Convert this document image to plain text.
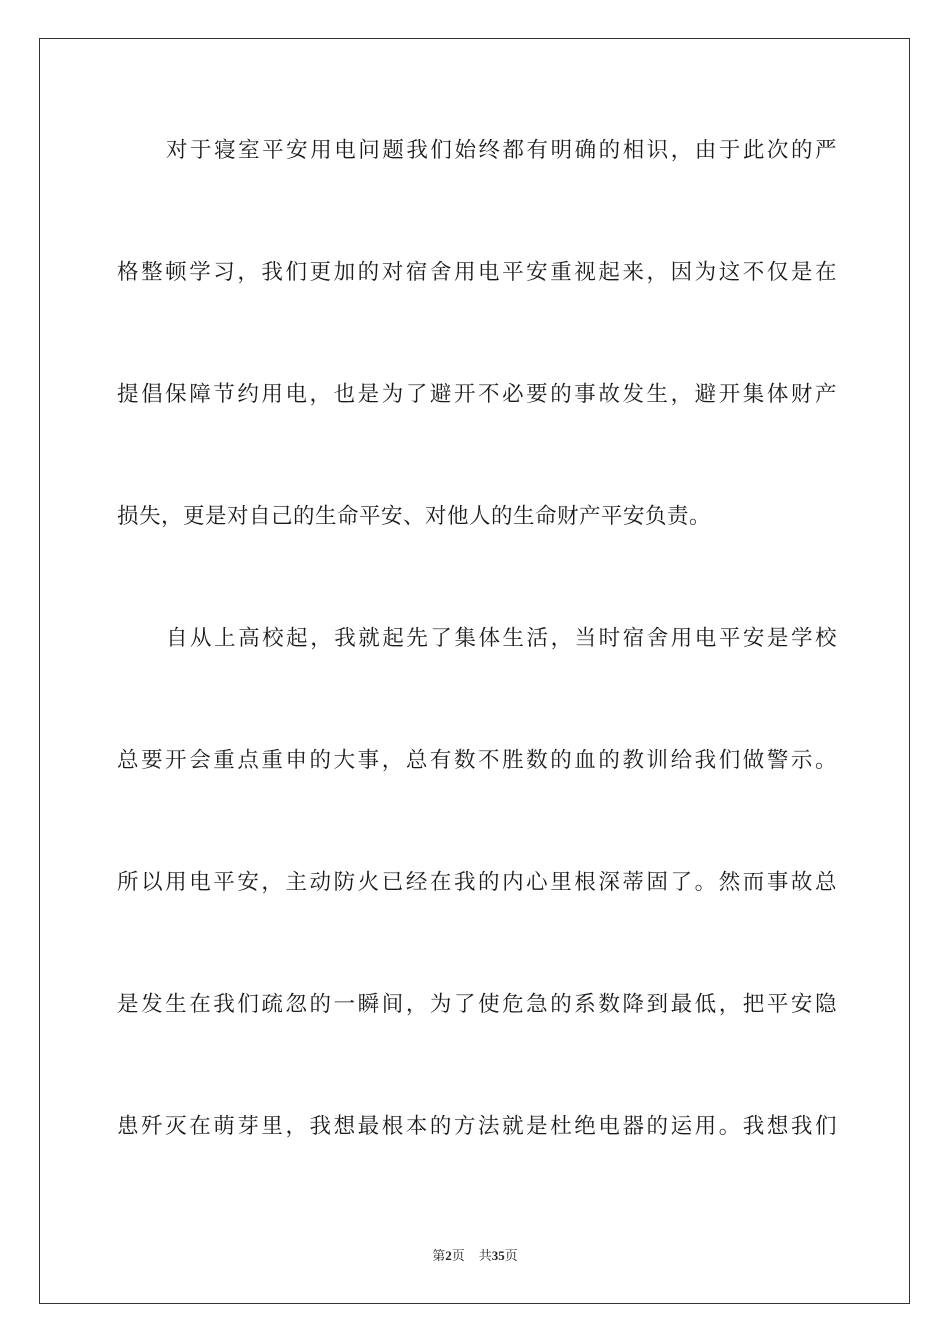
对于寝室平安用电问题我们始终都有明确的相识，由于此次的严
格整顿学习，我们更加的对宿舍用电平安重视起来，因为这不仅是在
提倡保障节约用电，也是为了避开不必要的事故发生，避开集体财产
损失，更是对自己的生命平安、对他人的生命财产平安负责。
自从上高校起，我就起先了集体生活，当时宿舍用电平安是学校
总要开会重点重申的大事，总有数不胜数的血的教训给我们做警示。
所以用电平安，主动防火已经在我的内心里根深蒂固了。然而事故总
是发生在我们疏忽的一瞬间，为了使危急的系数降到最低，把平安隐
患歼灭在萌芽里，我想最根本的方法就是杜绝电器的运用。我想我们
第2页 共35页
